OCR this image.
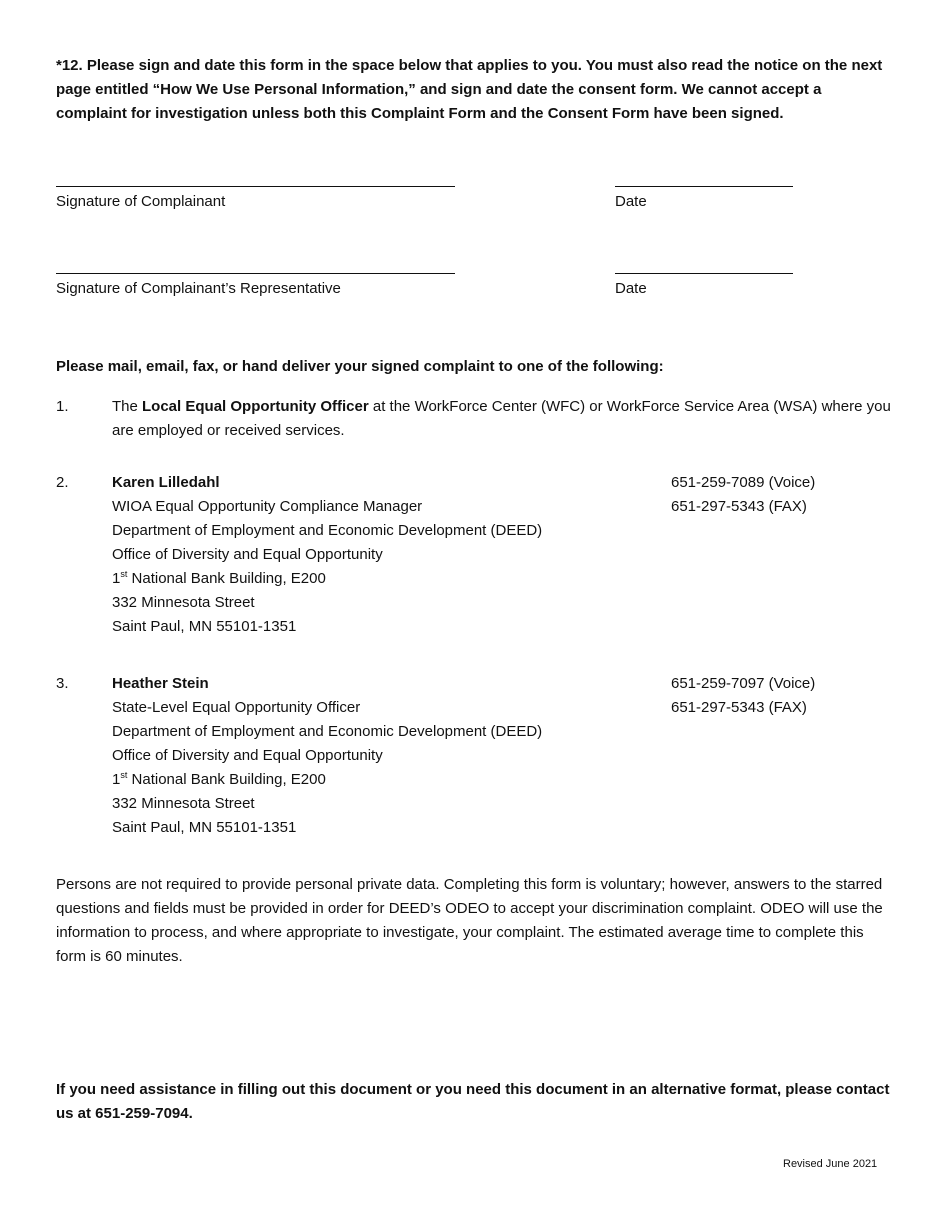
*12. Please sign and date this form in the space below that applies to you. You must also read the notice on the next page entitled “How We Use Personal Information,” and sign and date the consent form. We cannot accept a complaint for investigation unless both this Complaint Form and the Consent Form have been signed.
Signature of Complainant	Date
Signature of Complainant’s Representative	Date
Please mail, email, fax, or hand deliver your signed complaint to one of the following:
1.	The Local Equal Opportunity Officer at the WorkForce Center (WFC) or WorkForce Service Area (WSA) where you are employed or received services.
2.	Karen Lilledahl
WIOA Equal Opportunity Compliance Manager
Department of Employment and Economic Development (DEED)
Office of Diversity and Equal Opportunity
1st National Bank Building, E200
332 Minnesota Street
Saint Paul, MN 55101-1351
651-259-7089 (Voice)
651-297-5343 (FAX)
3.	Heather Stein
State-Level Equal Opportunity Officer
Department of Employment and Economic Development (DEED)
Office of Diversity and Equal Opportunity
1st National Bank Building, E200
332 Minnesota Street
Saint Paul, MN 55101-1351
651-259-7097 (Voice)
651-297-5343 (FAX)
Persons are not required to provide personal private data. Completing this form is voluntary; however, answers to the starred questions and fields must be provided in order for DEED’s ODEO to accept your discrimination complaint. ODEO will use the information to process, and where appropriate to investigate, your complaint. The estimated average time to complete this form is 60 minutes.
If you need assistance in filling out this document or you need this document in an alternative format, please contact us at 651-259-7094.
Revised June 2021
